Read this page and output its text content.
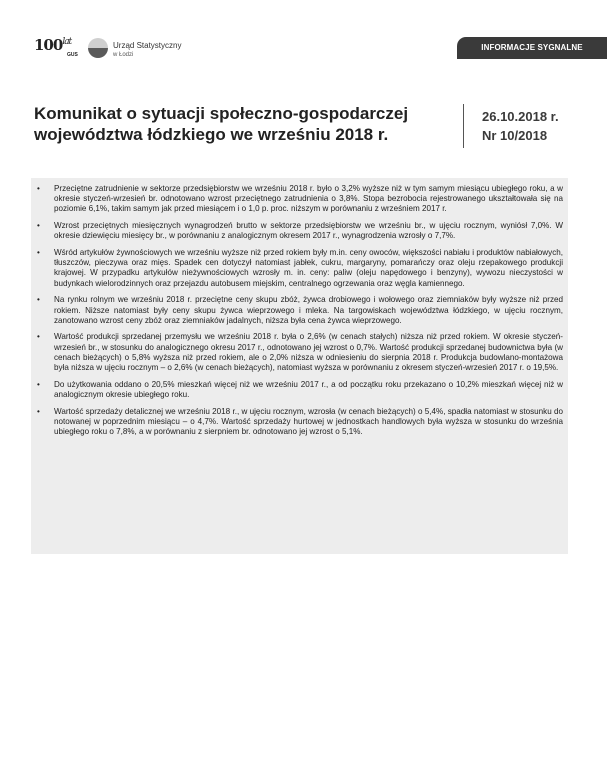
$100^{lat}$
GUS
Urząd Statystyczny
w Łodzi
INFORMACJE SYGNALNE
Komunikat o sytuacji społeczno-gospodarczej województwa łódzkiego we wrześniu 2018 r.
26.10.2018 r.
Nr 10/2018
• Przeciętne zatrudnienie w sektorze przedsiębiorstw we wrześniu 2018 r. było o 3,2% wyższe niż w tym samym miesiącu ubiegłego roku, a w okresie styczeń-wrzesień br. odnotowano wzrost przeciętnego zatrudnienia o 3,8%. Stopa bezrobocia rejestrowanego ukształtowała się na poziomie 6,1%, takim samym jak przed miesiącem i o 1,0 p. proc. niższym w porównaniu z wrześniem 2017 r.
• Wzrost przeciętnych miesięcznych wynagrodzeń brutto w sektorze przedsiębiorstw we wrześniu br., w ujęciu rocznym, wyniósł 7,0%. W okresie dziewięciu miesięcy br., w porównaniu z analogicznym okresem 2017 r., wynagrodzenia wzrosły o 7,7%.
• Wśród artykułów żywnościowych we wrześniu wyższe niż przed rokiem były m.in. ceny owoców, większości nabiału i produktów nabiałowych, tłuszczów, pieczywa oraz mięs. Spadek cen dotyczył natomiast jabłek, cukru, margaryny, pomarańczy oraz oleju rzepakowego produkcji krajowej. W przypadku artykułów nieżywnościowych wzrosły m. in. ceny: paliw (oleju napędowego i benzyny), wywozu nieczystości w budynkach wielorodzinnych oraz przejazdu autobusem miejskim, centralnego ogrzewania oraz węgla kamiennego.
• Na rynku rolnym we wrześniu 2018 r. przeciętne ceny skupu zbóż, żywca drobiowego i wołowego oraz ziemniaków były wyższe niż przed rokiem. Niższe natomiast były ceny skupu żywca wieprzowego i mleka. Na targowiskach województwa łódzkiego, w ujęciu rocznym, zanotowano wzrost ceny zbóż oraz ziemniaków jadalnych, niższa była cena żywca wieprzowego.
• Wartość produkcji sprzedanej przemysłu we wrześniu 2018 r. była o 2,6% (w cenach stałych) niższa niż przed rokiem. W okresie styczeń-wrzesień br., w stosunku do analogicznego okresu 2017 r., odnotowano jej wzrost o 0,7%. Wartość produkcji sprzedanej budownictwa była (w cenach bieżących) o 5,8% wyższa niż przed rokiem, ale o 2,0% niższa w odniesieniu do sierpnia 2018 r. Produkcja budowlano-montażowa była niższa w ujęciu rocznym – o 2,6% (w cenach bieżących), natomiast wyższa w porównaniu z okresem styczeń-wrzesień 2017 r. o 19,5%.
• Do użytkowania oddano o 20,5% mieszkań więcej niż we wrześniu 2017 r., a od początku roku przekazano o 10,2% mieszkań więcej niż w analogicznym okresie ubiegłego roku.
• Wartość sprzedaży detalicznej we wrześniu 2018 r., w ujęciu rocznym, wzrosła (w cenach bieżących) o 5,4%, spadła natomiast w stosunku do notowanej w poprzednim miesiącu – o 4,7%. Wartość sprzedaży hurtowej w jednostkach handlowych była wyższa w stosunku do września ubiegłego roku o 7,8%, a w porównaniu z sierpniem br. odnotowano jej wzrost o 5,1%.
